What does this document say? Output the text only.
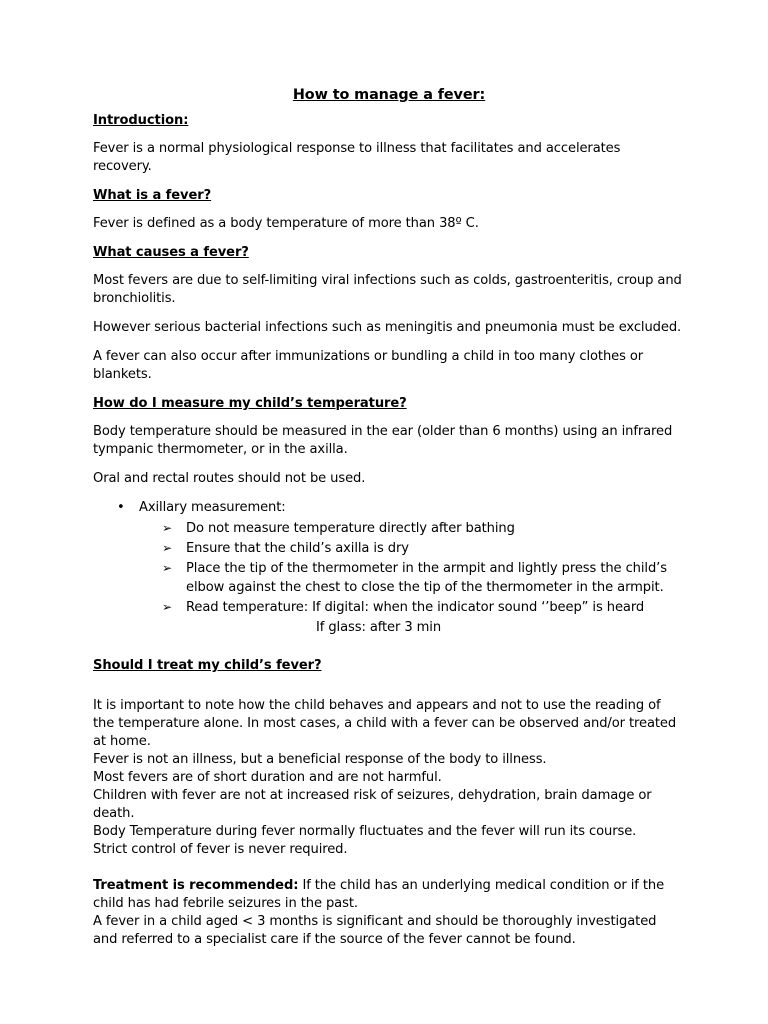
How to manage a fever:
Introduction:

Fever is a normal physiological response to illness that facilitates and accelerates recovery.

What is a fever?

Fever is defined as a body temperature of more than 38º C.

What causes a fever?

Most fevers are due to self-limiting viral infections such as colds, gastroenteritis, croup and bronchiolitis.

However serious bacterial infections such as meningitis and pneumonia must be excluded.

A fever can also occur after immunizations or bundling a child in too many clothes or blankets.

How do I measure my child’s temperature?

Body temperature should be measured in the ear (older than 6 months) using an infrared tympanic thermometer, or in the axilla.

Oral and rectal routes should not be used.

• Axillary measurement:
➢ Do not measure temperature directly after bathing
➢ Ensure that the child’s axilla is dry
➢ Place the tip of the thermometer in the armpit and lightly press the child’s elbow against the chest to close the tip of the thermometer in the armpit.
➢ Read temperature: If digital: when the indicator sound ‘’beep” is heard
If glass: after 3 min
Should I treat my child’s fever?
It is important to note how the child behaves and appears and not to use the reading of the temperature alone. In most cases, a child with a fever can be observed and/or treated at home.
Fever is not an illness, but a beneficial response of the body to illness.
Most fevers are of short duration and are not harmful.
Children with fever are not at increased risk of seizures, dehydration, brain damage or death.
Body Temperature during fever normally fluctuates and the fever will run its course.
Strict control of fever is never required.
Treatment is recommended: If the child has an underlying medical condition or if the child has had febrile seizures in the past.
A fever in a child aged < 3 months is significant and should be thoroughly investigated and referred to a specialist care if the source of the fever cannot be found.
